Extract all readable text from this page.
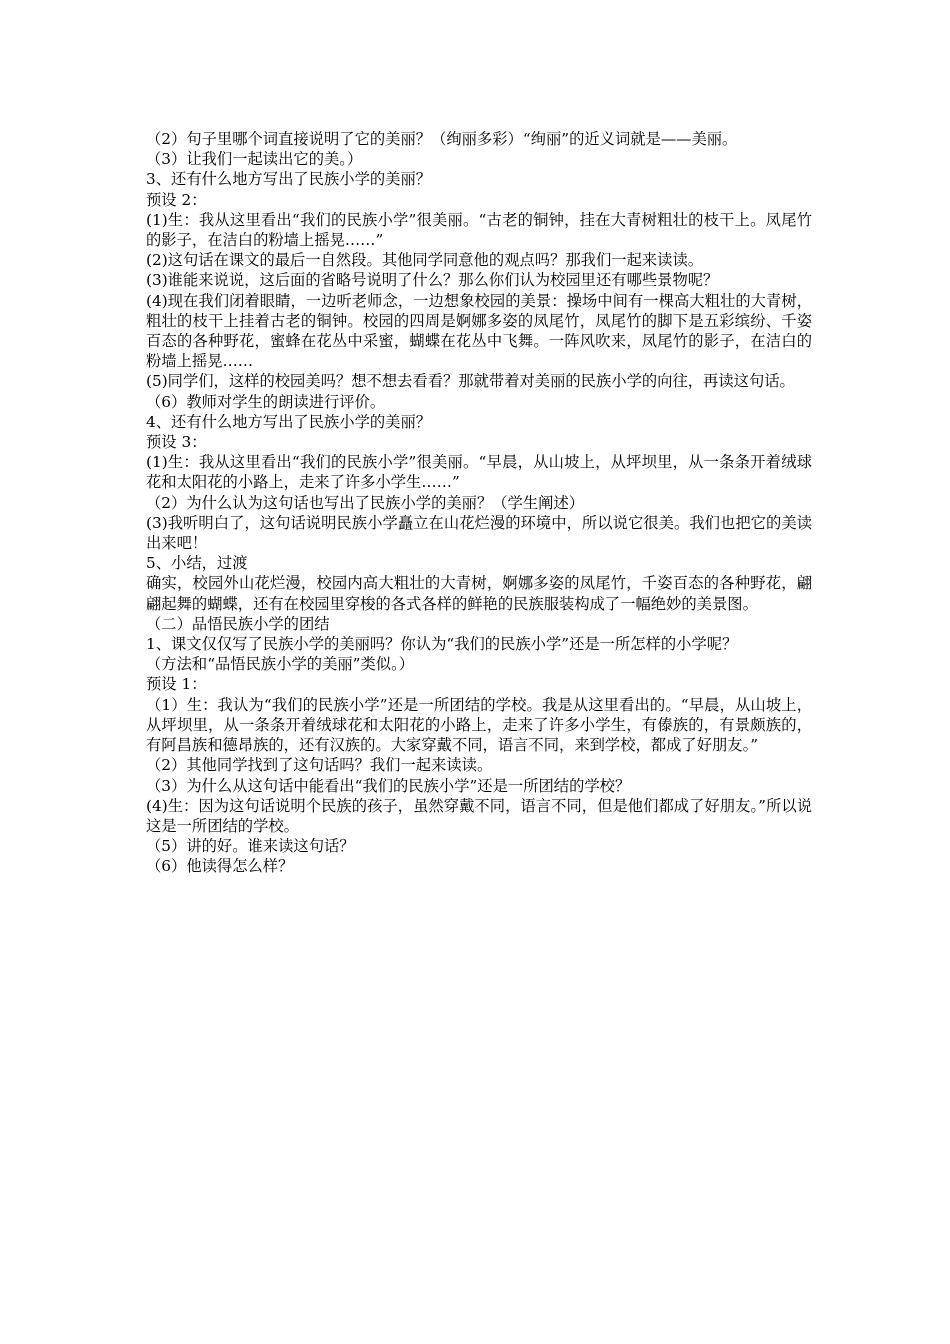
（2）句子里哪个词直接说明了它的美丽？（绚丽多彩）“绚丽”的近义词就是——美丽。

（3）让我们一起读出它的美。）

3、还有什么地方写出了民族小学的美丽？

预设 2：

(1)生：我从这里看出“我们的民族小学”很美丽。“古老的铜钟，挂在大青树粗壮的枝干上。凤尾竹的影子，在洁白的粉墙上摇晃……”

(2)这句话在课文的最后一自然段。其他同学同意他的观点吗？那我们一起来读读。

(3)谁能来说说，这后面的省略号说明了什么？那么你们认为校园里还有哪些景物呢？

(4)现在我们闭着眼睛，一边听老师念，一边想象校园的美景：操场中间有一棵高大粗壮的大青树，粗壮的枝干上挂着古老的铜钟。校园的四周是婀娜多姿的凤尾竹，凤尾竹的脚下是五彩缤纷、千姿百态的各种野花，蜜蜂在花丛中采蜜，蝴蝶在花丛中飞舞。一阵风吹来，凤尾竹的影子，在洁白的粉墙上摇晃……

(5)同学们，这样的校园美吗？想不想去看看？那就带着对美丽的民族小学的向往，再读这句话。

（6）教师对学生的朗读进行评价。

4、还有什么地方写出了民族小学的美丽？

预设 3：

(1)生：我从这里看出“我们的民族小学”很美丽。“早晨，从山坡上，从坪坝里，从一条条开着绒球花和太阳花的小路上，走来了许多小学生……”

（2）为什么认为这句话也写出了民族小学的美丽？（学生阐述）

(3)我听明白了，这句话说明民族小学矗立在山花烂漫的环境中，所以说它很美。我们也把它的美读出来吧！

5、小结，过渡

确实，校园外山花烂漫，校园内高大粗壮的大青树，婀娜多姿的凤尾竹，千姿百态的各种野花，翩翩起舞的蝴蝶，还有在校园里穿梭的各式各样的鲜艳的民族服装构成了一幅绝妙的美景图。

（二）品悟民族小学的团结

1、课文仅仅写了民族小学的美丽吗？你认为“我们的民族小学”还是一所怎样的小学呢？

（方法和“品悟民族小学的美丽”类似。）

预设 1：

（1）生：我认为“我们的民族小学”还是一所团结的学校。我是从这里看出的。“早晨，从山坡上，从坪坝里，从一条条开着绒球花和太阳花的小路上，走来了许多小学生，有傣族的，有景颇族的，有阿昌族和德昂族的，还有汉族的。大家穿戴不同，语言不同，来到学校，都成了好朋友。”

（2）其他同学找到了这句话吗？我们一起来读读。

（3）为什么从这句话中能看出“我们的民族小学”还是一所团结的学校？

(4)生：因为这句话说明个民族的孩子，虽然穿戴不同，语言不同，但是他们都成了好朋友。”所以说这是一所团结的学校。

（5）讲的好。谁来读这句话？

（6）他读得怎么样？
